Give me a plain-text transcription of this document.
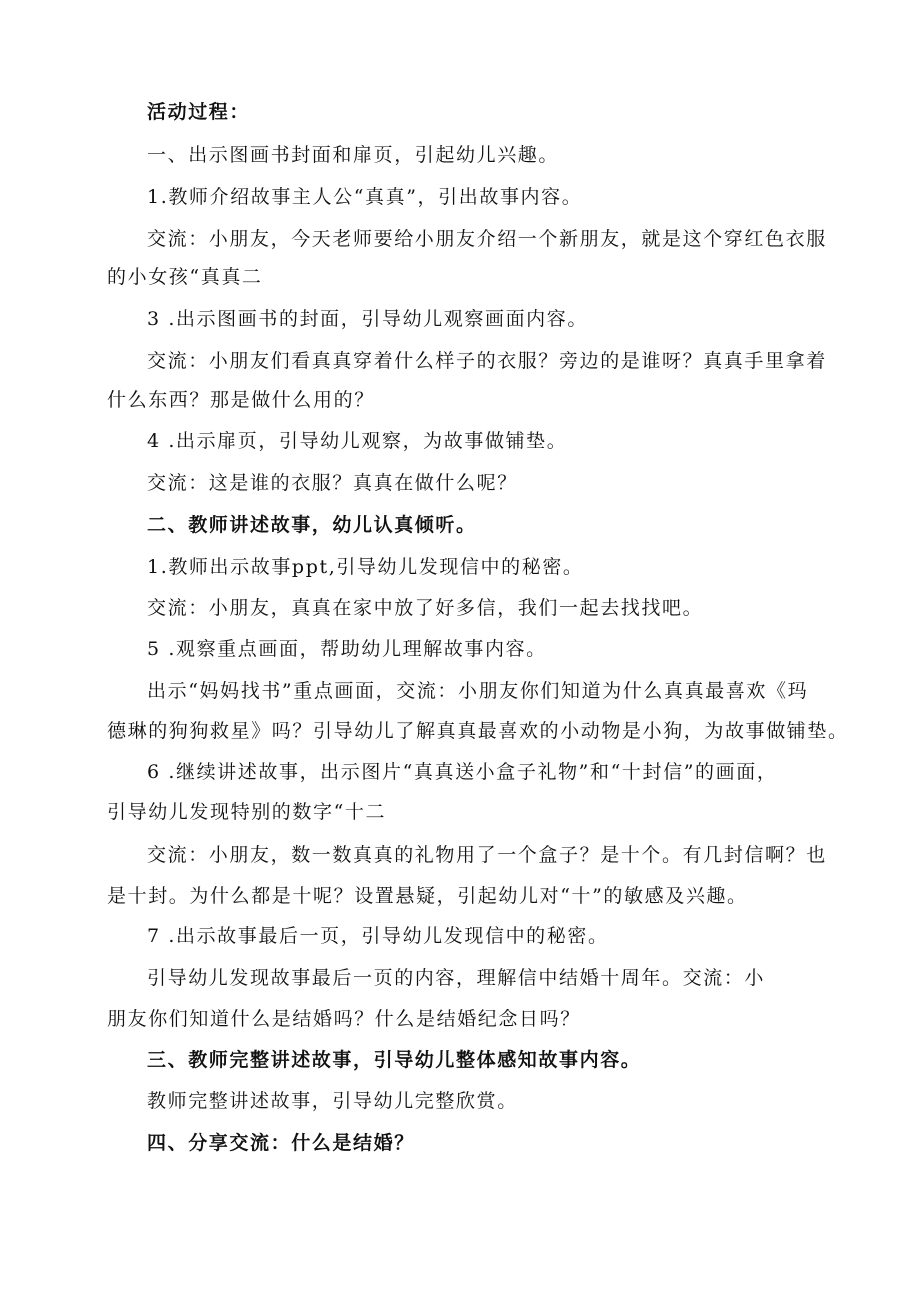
活动过程：
一、出示图画书封面和扉页，引起幼儿兴趣。
1.教师介绍故事主人公“真真”，引出故事内容。
交流：小朋友，今天老师要给小朋友介绍一个新朋友，就是这个穿红色衣服
的小女孩“真真二
3 .出示图画书的封面，引导幼儿观察画面内容。
交流：小朋友们看真真穿着什么样子的衣服？旁边的是谁呀？真真手里拿着
什么东西？那是做什么用的？
4 .出示扉页，引导幼儿观察，为故事做铺垫。
交流：这是谁的衣服？真真在做什么呢？
二、教师讲述故事，幼儿认真倾听。
1.教师出示故事ppt,引导幼儿发现信中的秘密。
交流：小朋友，真真在家中放了好多信，我们一起去找找吧。
5 .观察重点画面，帮助幼儿理解故事内容。
出示“妈妈找书”重点画面，交流：小朋友你们知道为什么真真最喜欢《玛
德琳的狗狗救星》吗？引导幼儿了解真真最喜欢的小动物是小狗，为故事做铺垫。
6 .继续讲述故事，出示图片“真真送小盒子礼物”和“十封信”的画面，
引导幼儿发现特别的数字“十二
交流：小朋友，数一数真真的礼物用了一个盒子？是十个。有几封信啊？也
是十封。为什么都是十呢？设置悬疑，引起幼儿对“十”的敏感及兴趣。
7 .出示故事最后一页，引导幼儿发现信中的秘密。
引导幼儿发现故事最后一页的内容，理解信中结婚十周年。交流：小
朋友你们知道什么是结婚吗？什么是结婚纪念日吗？
三、教师完整讲述故事，引导幼儿整体感知故事内容。
教师完整讲述故事，引导幼儿完整欣赏。
四、分享交流：什么是结婚？
